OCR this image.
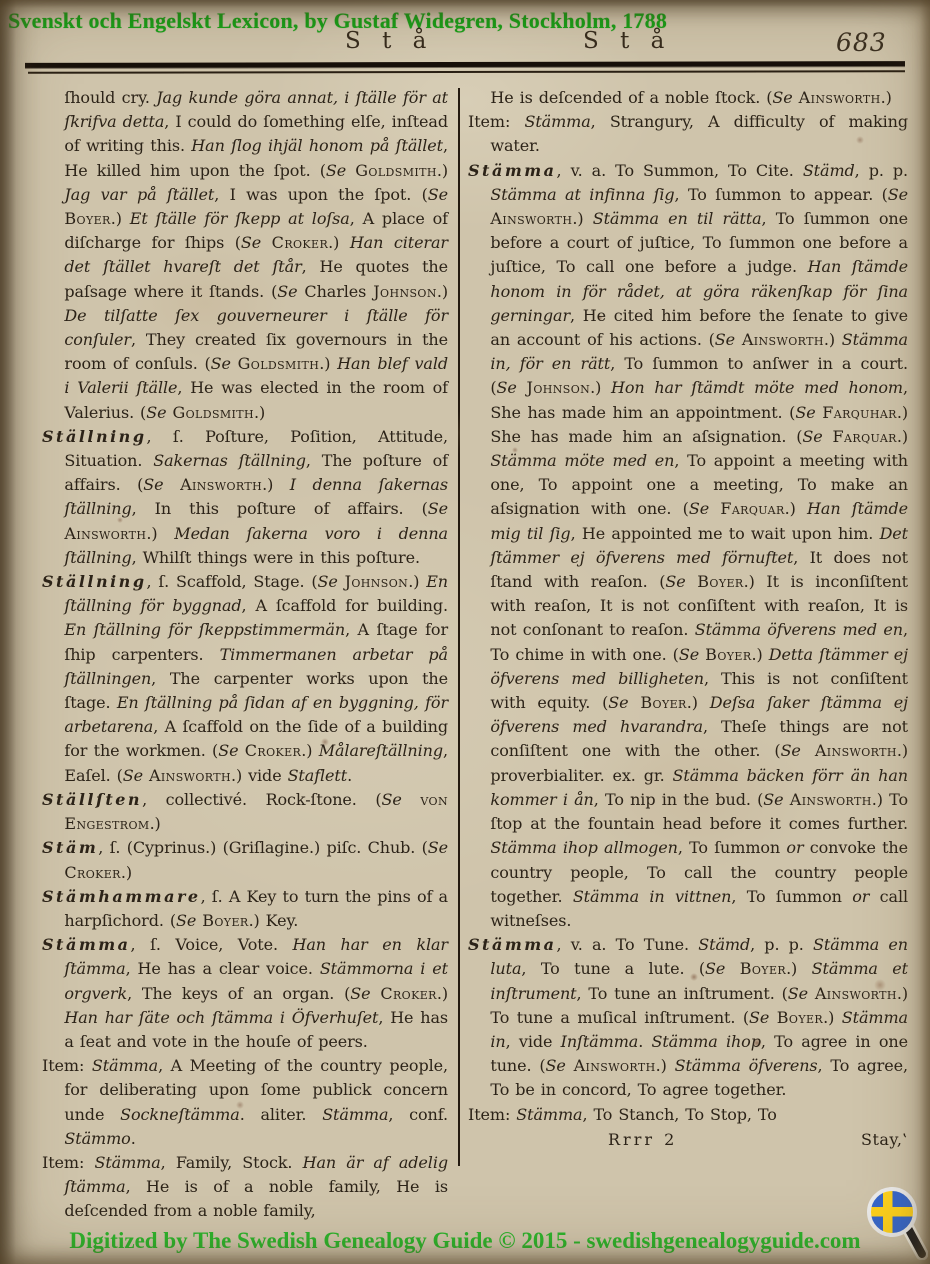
Svenskt och Engelskt Lexicon, by Gustaf Widegren, Stockholm, 1788
S t å	S t å	683

ſhould cry. Jag kunde göra annat, i ſtälle för at ſkrifva detta, I could do ſomething elſe, inſtead of writing this. Han ſlog ihjäl honom på ſtället, He killed him upon the ſpot. (Se Goldsmith.) Jag var på ſtället, I was upon the ſpot. (Se Boyer.) Et ſtälle för ſkepp at loſsa, A place of diſcharge for ſhips (Se Croker.) Han citerar det ſtället hvareſt det ſtår, He quotes the paſsage where it ſtands. (Se Charles Johnson.) De tilſatte ſex gouverneurer i ſtälle för conſuler, They created ſix governours in the room of conſuls. (Se Goldsmith.) Han blef vald i Valerii ſtälle, He was elected in the room of Valerius. (Se Goldsmith.)

Ställning, ſ. Poſture, Poſition, Attitude, Situation. Sakernas ſtällning, The poſture of affairs. (Se Ainsworth.) I denna ſakernas ſtällning, In this poſture of affairs. (Se Ainsworth.) Medan ſakerna voro i denna ſtällning, Whilſt things were in this poſture.

Ställning, ſ. Scaffold, Stage. (Se Johnson.) En ſtällning för byggnad, A ſcaffold for building. En ſtällning för ſkeppstimmermän, A ſtage for ſhip carpenters. Timmermanen arbetar på ſtällningen, The carpenter works upon the ſtage. En ſtällning på ſidan af en byggning, för arbetarena, A ſcaffold on the ſide of a building for the workmen. (Se Croker.) Målareſtällning, Eaſel. (Se Ainsworth.) vide Staflett.

Ställſten, collectivé. Rock-ſtone. (Se von Engestrom.)

Stäm, ſ. (Cyprinus.) (Griſlagine.) piſc. Chub. (Se Croker.)

Stämhammare, ſ. A Key to turn the pins of a harpſichord. (Se Boyer.) Key.

Stämma, ſ. Voice, Vote. Han har en klar ſtämma, He has a clear voice. Stämmorna i et orgverk, The keys of an organ. (Se Croker.) Han har ſäte och ſtämma i Öfverhuſet, He has a ſeat and vote in the houſe of peers.

Item: Stämma, A Meeting of the country people, for deliberating upon ſome publick concern unde Sockneſtämma. aliter. Stämma, conf. Stämmo.

Item: Stämma, Family, Stock. Han är af adelig ſtämma, He is of a noble family, He is deſcended from a noble family,

He is deſcended of a noble ſtock. (Se Ainsworth.)

Item: Stämma, Strangury, A difficulty of making water.

Stämma, v. a. To Summon, To Cite. Stämd, p. p. Stämma at infinna ſig, To ſummon to appear. (Se Ainsworth.) Stämma en til rätta, To ſummon one before a court of juſtice, To ſummon one before a juſtice, To call one before a judge. Han ſtämde honom in för rådet, at göra räkenſkap för ſina gerningar, He cited him before the ſenate to give an account of his actions. (Se Ainsworth.) Stämma in, för en rätt, To ſummon to anſwer in a court. (Se Johnson.) Hon har ſtämdt möte med honom, She has made him an appointment. (Se Farquhar.) She has made him an aſsignation. (Se Farquar.) Stämma möte med en, To appoint a meeting with one, To appoint one a meeting, To make an aſsignation with one. (Se Farquar.) Han ſtämde mig til ſig, He appointed me to wait upon him. Det ſtämmer ej öfverens med förnuftet, It does not ſtand with reaſon. (Se Boyer.) It is inconſiſtent with reaſon, It is not conſiſtent with reaſon, It is not conſonant to reaſon. Stämma öfverens med en, To chime in with one. (Se Boyer.) Detta ſtämmer ej öfverens med billigheten, This is not conſiſtent with equity. (Se Boyer.) Deſsa ſaker ſtämma ej öfverens med hvarandra, Theſe things are not conſiſtent one with the other. (Se Ainsworth.) proverbialiter. ex. gr. Stämma bäcken förr än han kommer i ån, To nip in the bud. (Se Ainsworth.) To ſtop at the fountain head before it comes further. Stämma ihop allmogen, To ſummon or convoke the country people, To call the country people together. Stämma in vittnen, To ſummon or call witneſses.

Stämma, v. a. To Tune. Stämd, p. p. Stämma en luta, To tune a lute. (Se Boyer.) Stämma et inſtrument, To tune an inſtrument. (Se Ainsworth.) To tune a muſical inſtrument. (Se Boyer.) Stämma in, vide Inſtämma. Stämma ihop, To agree in one tune. (Se Ainsworth.) Stämma öfverens, To agree, To be in concord, To agree together.

Item: Stämma, To Stanch, To Stop, To

Rrrr 2	Stay,‛
Digitized by The Swedish Genealogy Guide © 2015 - swedishgenealogyguide.com
